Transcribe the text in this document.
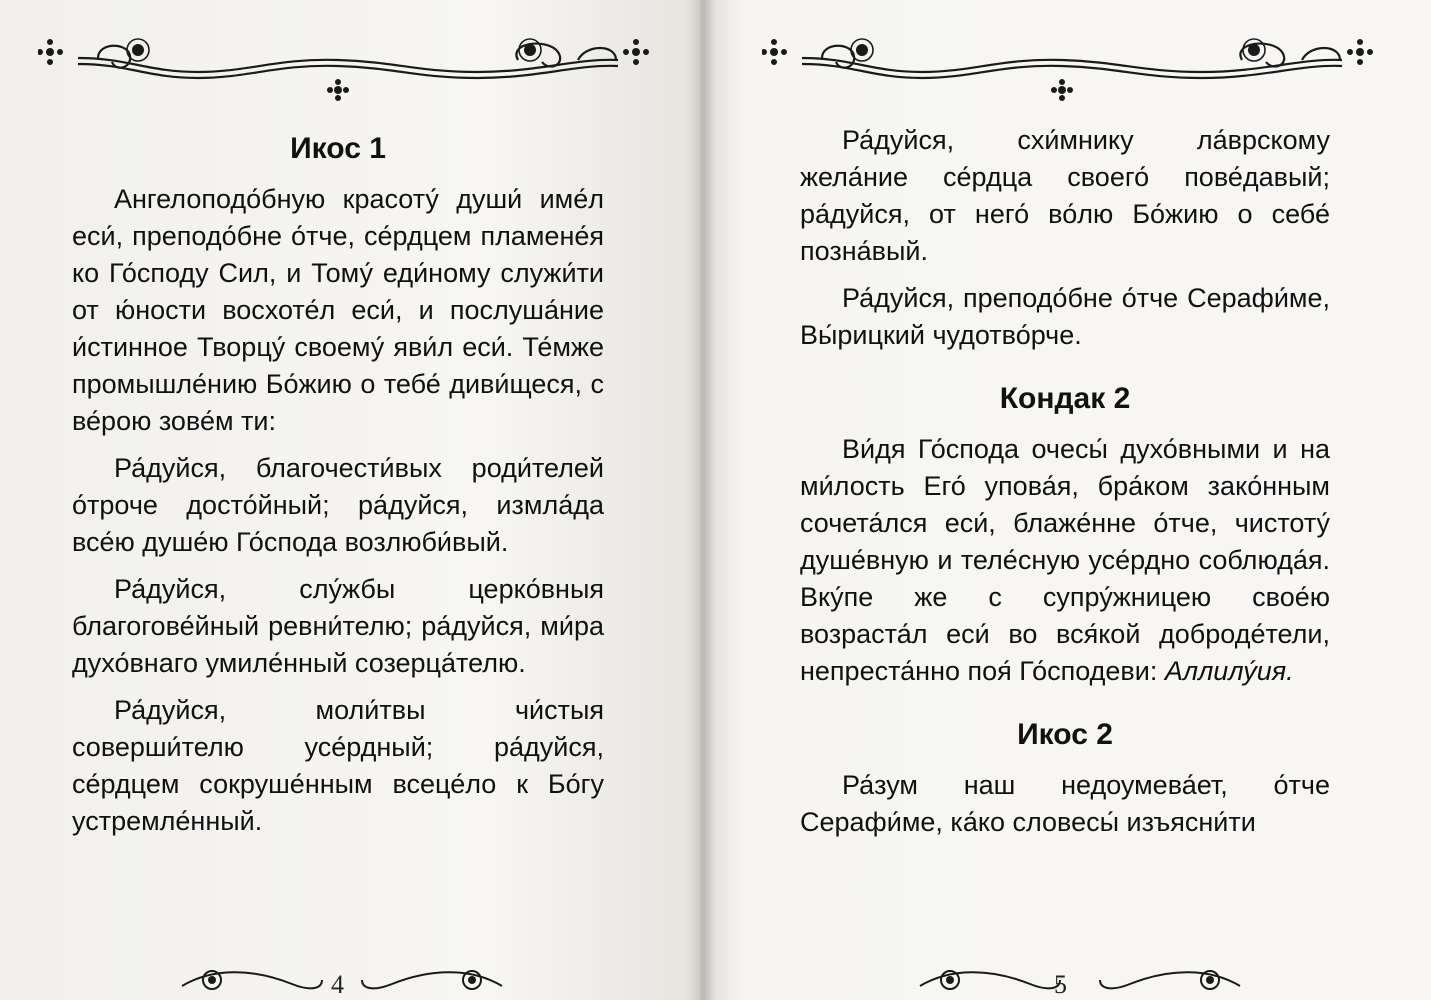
Икос 1

Ангелоподо́бную красоту́ души́ име́л еси́, преподо́бне о́тче, се́рдцем пламене́я ко Го́споду Сил, и Тому́ еди́ному служи́ти от ю́ности восхоте́л еси́, и послуша́ние и́стинное Творцу́ своему́ яви́л еси́. Те́мже промышле́нию Бо́жию о тебе́ диви́щеся, с ве́рою зове́м ти:

Ра́дуйся, благочести́вых роди́телей о́троче досто́йный; ра́дуйся, измла́да все́ю душе́ю Го́спода возлюби́вый.

Ра́дуйся, слу́жбы церко́вныя благогове́йный ревни́телю; ра́дуйся, ми́ра духо́внаго умиле́нный созерца́телю.

Ра́дуйся, моли́твы чи́стыя соверши́телю усе́рдный; ра́дуйся, се́рдцем сокруше́нным всеце́ло к Бо́гу устремле́нный.

Ра́дуйся, схи́мнику ла́врскому жела́ние се́рдца своего́ пове́давый; ра́дуйся, от него́ во́лю Бо́жию о себе́ позна́вый.

Ра́дуйся, преподо́бне о́тче Серафи́ме, Вы́рицкий чудотво́рче.

Кондак 2

Ви́дя Го́спода очесы́ духо́вными и на ми́лость Его́ упова́я, бра́ком зако́нным сочета́лся еси́, блаже́нне о́тче, чистоту́ душе́вную и теле́сную усе́рдно соблюда́я. Вку́пе же с супру́жницею свое́ю возраста́л еси́ во вся́кой доброде́тели, непреста́нно поя́ Го́сподеви: Аллилу́ия.

Икос 2

Ра́зум наш недоумева́ет, о́тче Серафи́ме, ка́ко словесы́ изъясни́ти

4	5
